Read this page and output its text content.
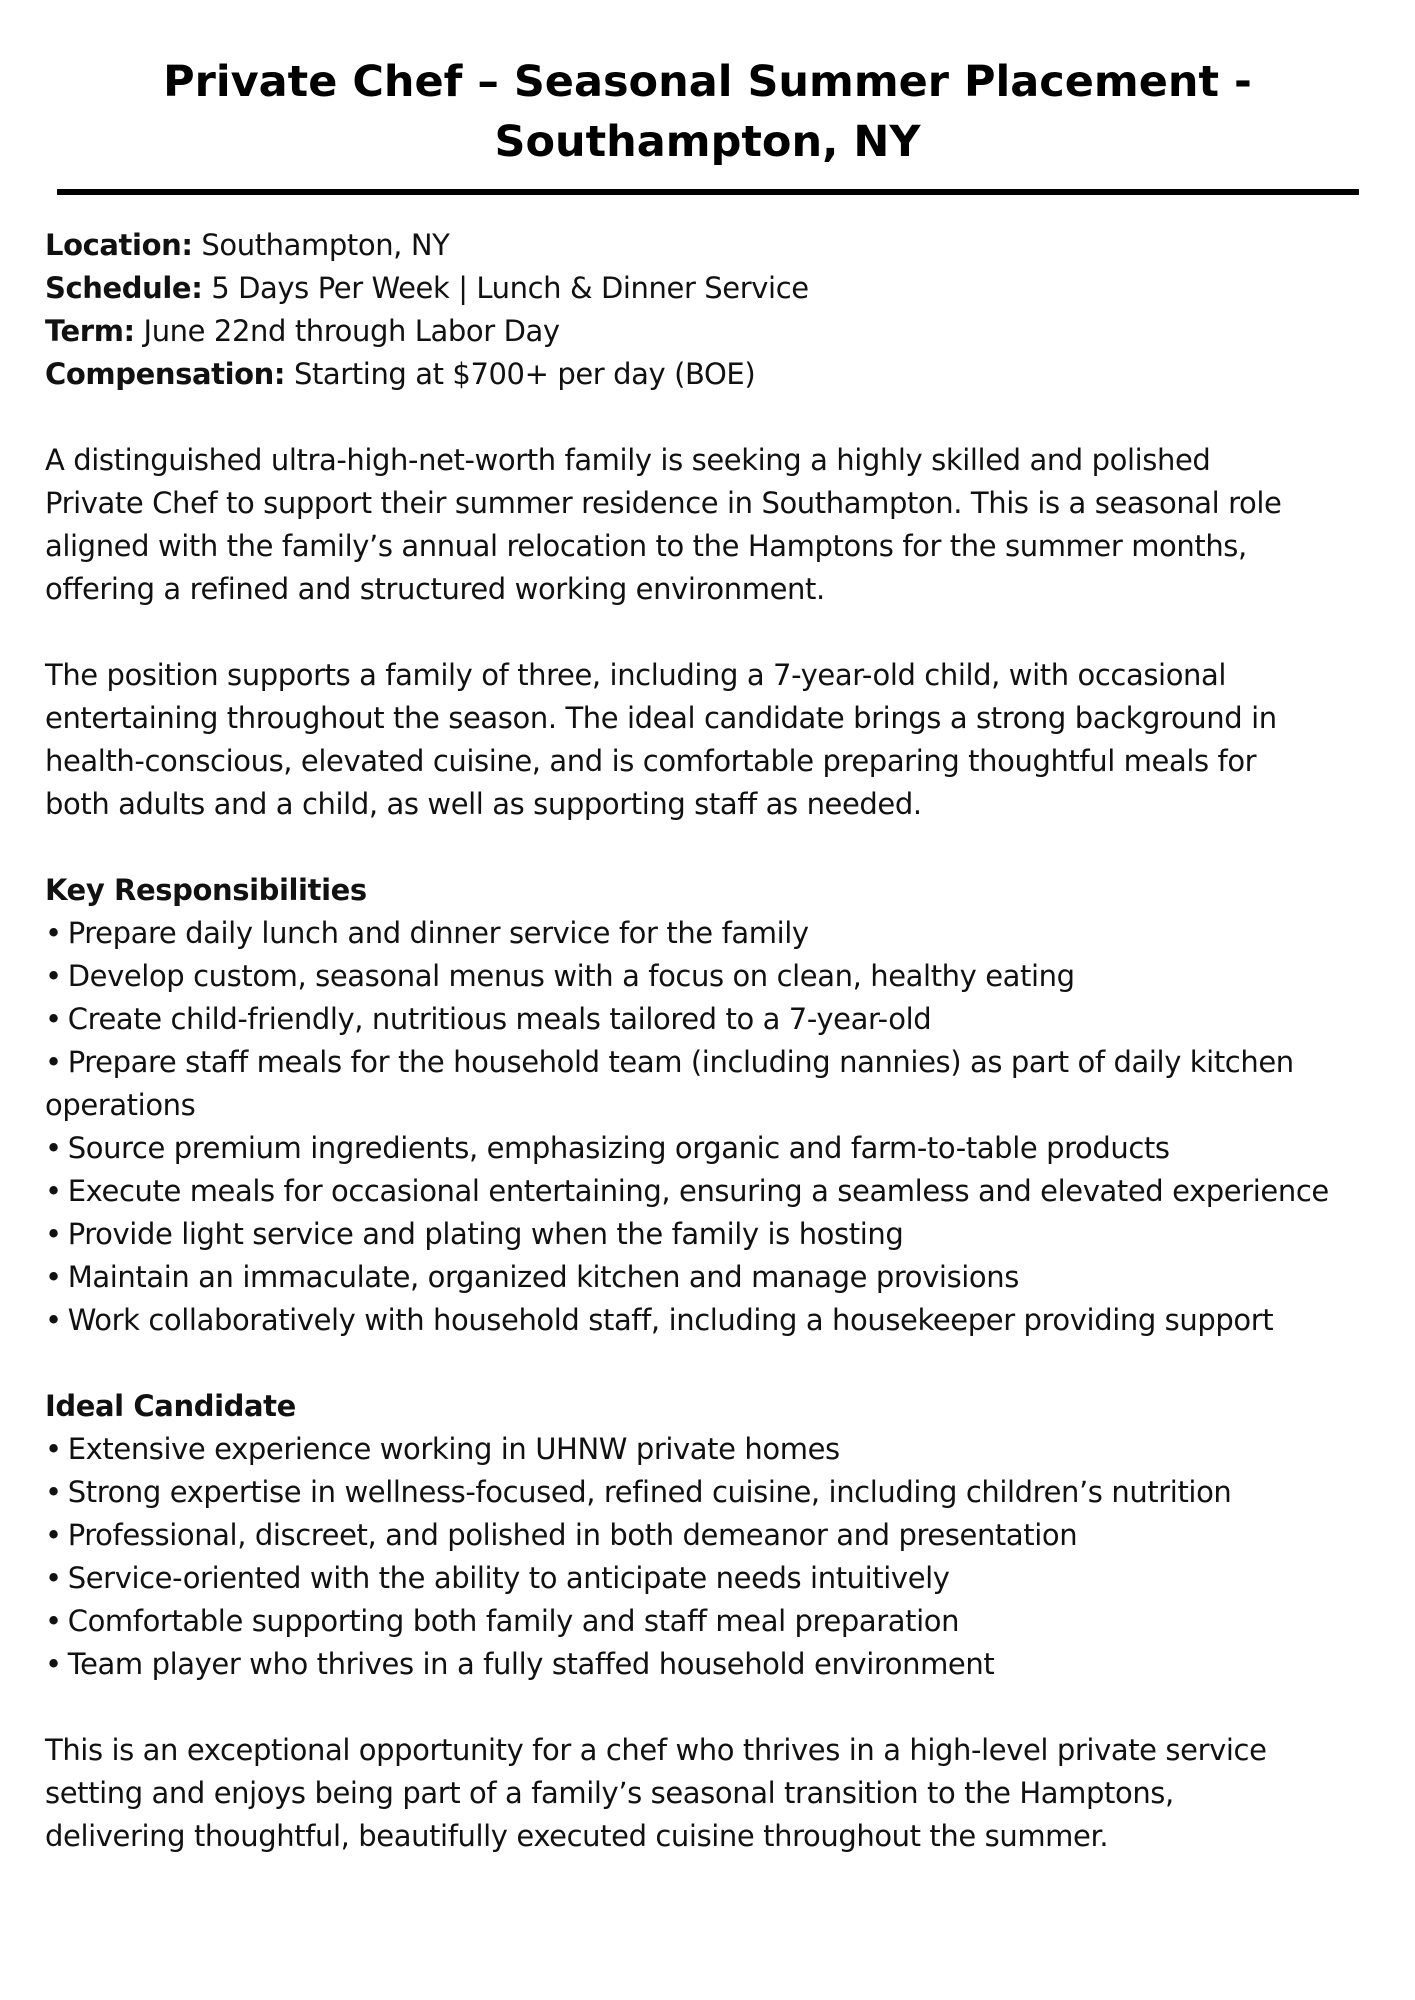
Private Chef – Seasonal Summer Placement -
Southampton, NY
Location: Southampton, NY
Schedule: 5 Days Per Week | Lunch & Dinner Service
Term: June 22nd through Labor Day
Compensation: Starting at $700+ per day (BOE)

A distinguished ultra-high-net-worth family is seeking a highly skilled and polished
Private Chef to support their summer residence in Southampton. This is a seasonal role
aligned with the family’s annual relocation to the Hamptons for the summer months,
offering a refined and structured working environment.

The position supports a family of three, including a 7-year-old child, with occasional
entertaining throughout the season. The ideal candidate brings a strong background in
health-conscious, elevated cuisine, and is comfortable preparing thoughtful meals for
both adults and a child, as well as supporting staff as needed.

Key Responsibilities
• Prepare daily lunch and dinner service for the family
• Develop custom, seasonal menus with a focus on clean, healthy eating
• Create child-friendly, nutritious meals tailored to a 7-year-old
• Prepare staff meals for the household team (including nannies) as part of daily kitchen
operations
• Source premium ingredients, emphasizing organic and farm-to-table products
• Execute meals for occasional entertaining, ensuring a seamless and elevated experience
• Provide light service and plating when the family is hosting
• Maintain an immaculate, organized kitchen and manage provisions
• Work collaboratively with household staff, including a housekeeper providing support
Ideal Candidate
• Extensive experience working in UHNW private homes
• Strong expertise in wellness-focused, refined cuisine, including children’s nutrition
• Professional, discreet, and polished in both demeanor and presentation
• Service-oriented with the ability to anticipate needs intuitively
• Comfortable supporting both family and staff meal preparation
• Team player who thrives in a fully staffed household environment

This is an exceptional opportunity for a chef who thrives in a high-level private service
setting and enjoys being part of a family’s seasonal transition to the Hamptons,
delivering thoughtful, beautifully executed cuisine throughout the summer.
